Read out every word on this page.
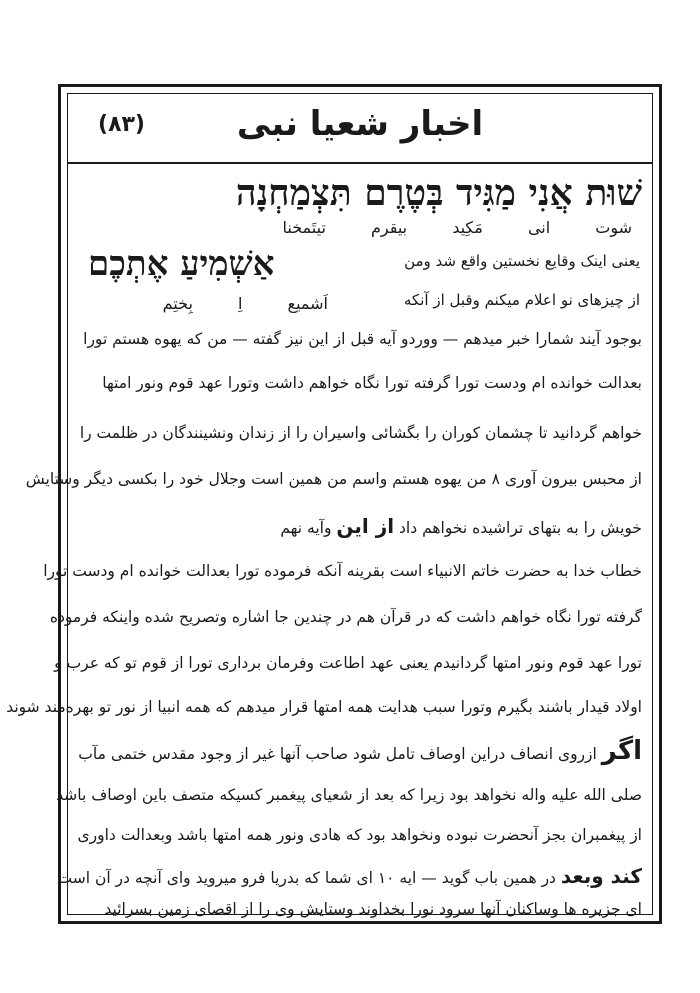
(٨٣)	اخبار شعیا نبی
שׁוּת אֲנִי מַגִּיד בְּטֶרֶם תִּצְמַחְנָה
شوت انی مَکِید بیقرم تیتَمخنا
אַשְׁמִיעַ אֶתְכֶם	یعنی اینک وقایع نخستین واقع شد ومن
اَشمیع اِ بِختِم	از چیزهای نو اعلام میکنم وقبل از آنکه
بوجود آیند شمارا خبر میدهم — ووردو آیه قبل از این نیز گفته — من که یهوه هستم تورا
بعدالت خوانده ام ودست تورا گرفته تورا نگاه خواهم داشت وتورا عهد قوم ونور امتها
خواهم گردانید تا چشمان کوران را بگشائی واسیران را از زندان ونشینندگان در ظلمت را
از محبس بیرون آوری ۸ من یهوه هستم واسم من همین است وجلال خود را بکسی دیگر وستایش
خویش را به بتهای تراشیده نخواهم داد از این وآیه نهم
خطاب خدا به حضرت خاتم الانبیاء است بقرینه آنکه فرموده تورا بعدالت خوانده ام ودست تورا
گرفته تورا نگاه خواهم داشت که در قرآن هم در چندین جا اشاره وتصریح شده واینکه فرموده
تورا عهد قوم ونور امتها گردانیدم یعنی عهد اطاعت وفرمان برداری تورا از قوم تو که عرب و
اولاد قیدار باشند بگیرم وتورا سبب هدایت همه امتها قرار میدهم که همه انبیا از نور تو بهره‌مند شوند
اگر ازروی انصاف دراین اوصاف تامل شود صاحب آنها غیر از وجود مقدس ختمی مآب
صلی الله علیه واله نخواهد بود زیرا که بعد از شعیای پیغمبر کسیکه متصف باین اوصاف باشد
از پیغمبران بجز آنحضرت نبوده ونخواهد بود که هادی ونور همه امتها باشد وبعدالت داوری
کند وبعد در همین باب گوید — ایه ۱۰ ای شما که بدریا فرو میروید وای آنچه در آن است
ای جزیره ها وساکنان آنها سرود نورا بخداوند وستایش وی را از اقصای زمین بسرائید
